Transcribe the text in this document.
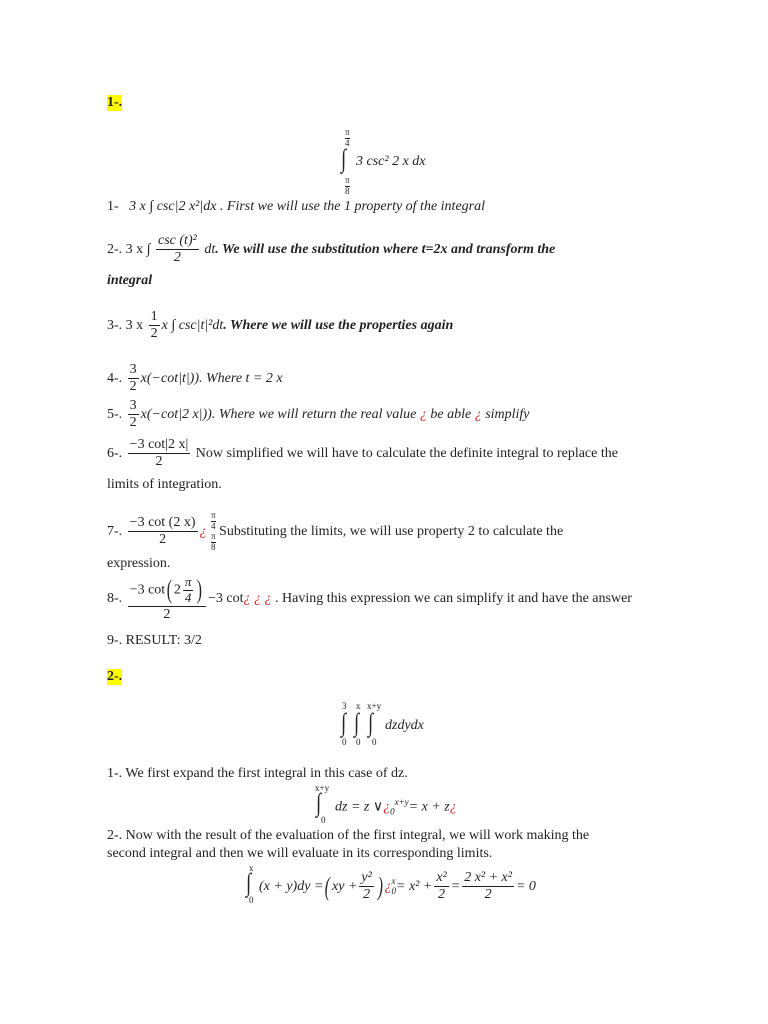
1-.
π
4
∫ 3 csc² 2 x dx
π
8
1- 3 x ∫ csc|2 x²|dx . First we will use the 1 property of the integral
2-. 3 x ∫ $\frac{\text{csc (t)²}}{2}$ dt. We will use the substitution where t=2x and transform the
integral
3-. 3 x $\frac{1}{2}$ x ∫ csc|t|²dt. Where we will use the properties again
4-. $\frac{3}{2} x(-\cot|t|)$). Where t = 2 x
5-. $\frac{3}{2} x(-\cot|2$ x|)). Where we will return the real value ¿ be able ¿ simplify
6-. $\frac{-3 \cot|2 x|}{2}$ Now simplified we will have to calculate the definite integral to replace the
limits of integration.
7-. $\frac{-3 \cot (2 x)}{2}$ ¿
π
4
π
8
Substituting the limits, we will use property 2 to calculate the
expression.
8-. $\frac{-3 \cot( 2 \frac{\pi}{4} )}{2} -3$ cot¿ ¿ ¿ . Having this expression we can simplify it and have the answer
9-. RESULT: 3/2
2-.
3 x x+y
∫ ∫ ∫ dzdydx
0 0 0
1-. We first expand the first integral in this case of dz.
x+y
∫
0
dz = z $\vee¿_0^{x+y}= x$ + z¿
2-. Now with the result of the evaluation of the first integral, we will work making the
second integral and then we will evaluate in its corresponding limits.
x
∫
0
(x + y)dy = ( xy + $\frac{\text{y²}}{2}$ ) ¿ x
$0 = x^2 + \frac{\text{x²}}{2} = \frac{\text{2 x² + x²}}{2} = 0$
